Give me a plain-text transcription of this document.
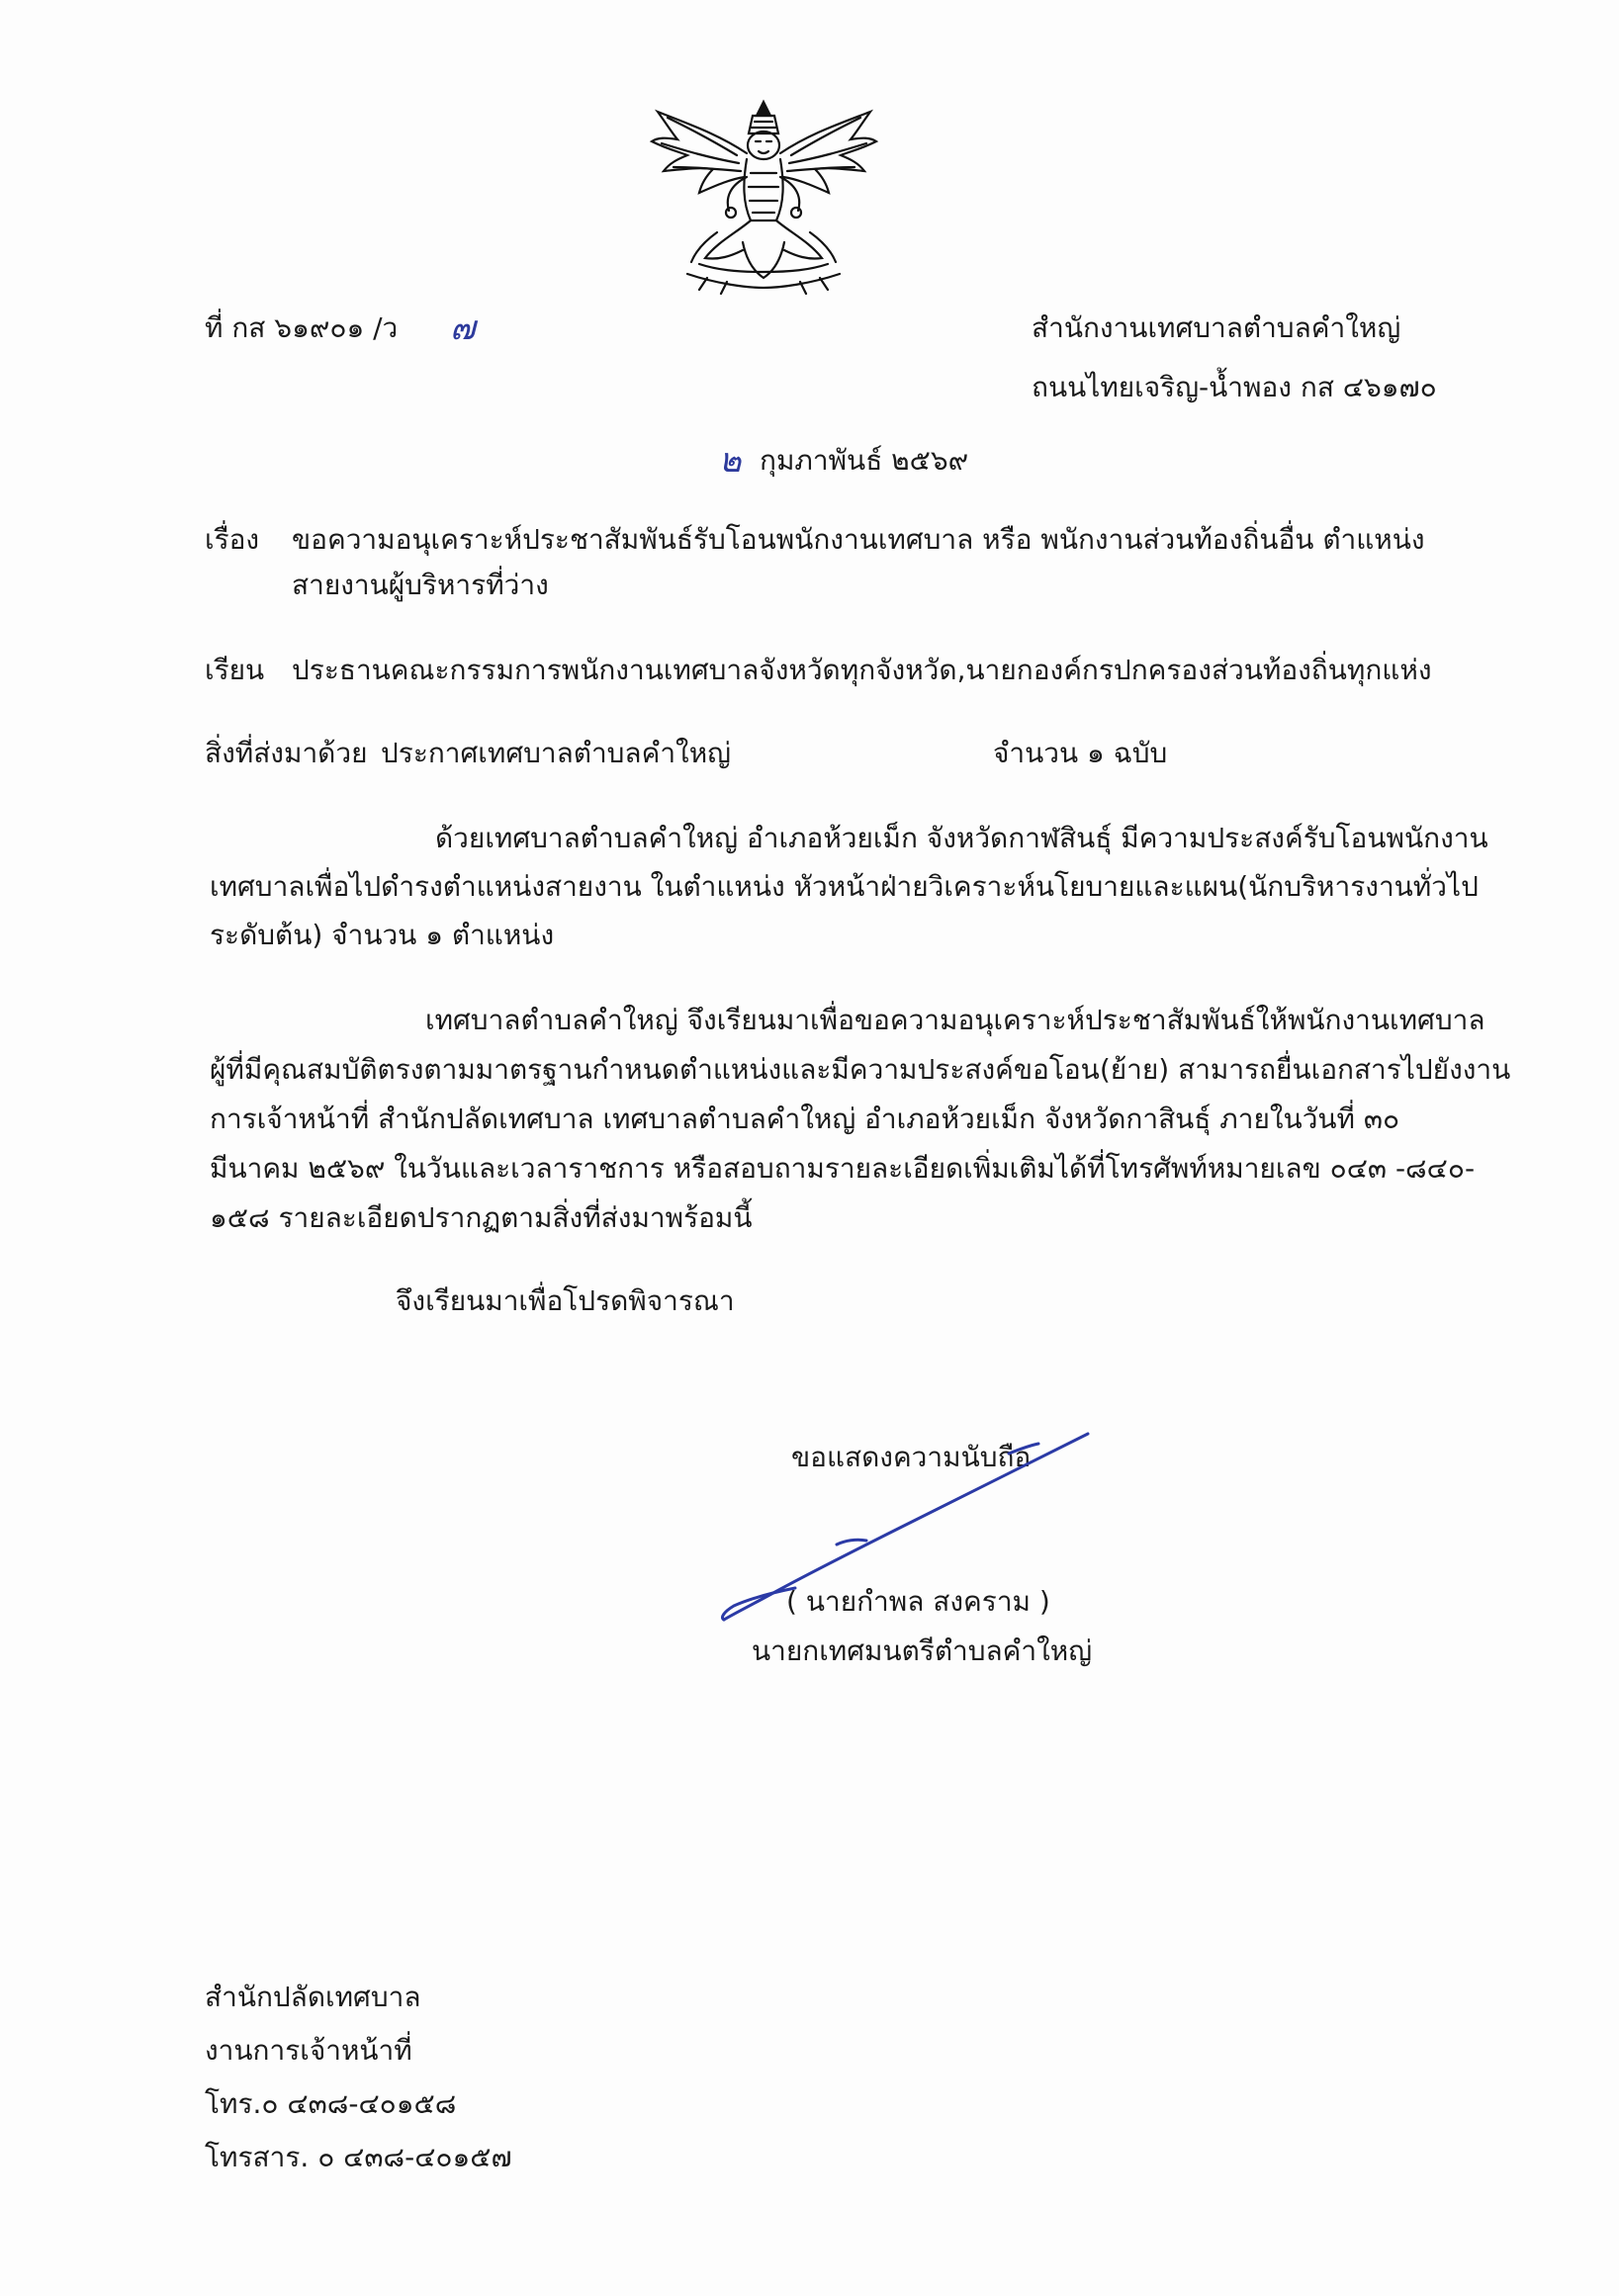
ที่ กส ๖๑๙๐๑ /ว ๗	สำนักงานเทศบาลตำบลคำใหญ่
ถนนไทยเจริญ-น้ำพอง กส ๔๖๑๗๐
๒ กุมภาพันธ์ ๒๕๖๙
เรื่อง ขอความอนุเคราะห์ประชาสัมพันธ์รับโอนพนักงานเทศบาล หรือ พนักงานส่วนท้องถิ่นอื่น ตำแหน่ง
สายงานผู้บริหารที่ว่าง
เรียน ประธานคณะกรรมการพนักงานเทศบาลจังหวัดทุกจังหวัด,นายกองค์กรปกครองส่วนท้องถิ่นทุกแห่ง
สิ่งที่ส่งมาด้วย ประกาศเทศบาลตำบลคำใหญ่	จำนวน ๑ ฉบับ
ด้วยเทศบาลตำบลคำใหญ่ อำเภอห้วยเม็ก จังหวัดกาฬสินธุ์ มีความประสงค์รับโอนพนักงาน
เทศบาลเพื่อไปดำรงตำแหน่งสายงาน ในตำแหน่ง หัวหน้าฝ่ายวิเคราะห์นโยบายและแผน(นักบริหารงานทั่วไป
ระดับต้น) จำนวน ๑ ตำแหน่ง
เทศบาลตำบลคำใหญ่ จึงเรียนมาเพื่อขอความอนุเคราะห์ประชาสัมพันธ์ให้พนักงานเทศบาล
ผู้ที่มีคุณสมบัติตรงตามมาตรฐานกำหนดตำแหน่งและมีความประสงค์ขอโอน(ย้าย) สามารถยื่นเอกสารไปยังงาน
การเจ้าหน้าที่ สำนักปลัดเทศบาล เทศบาลตำบลคำใหญ่ อำเภอห้วยเม็ก จังหวัดกาสินธุ์ ภายในวันที่ ๓๐
มีนาคม ๒๕๖๙ ในวันและเวลาราชการ หรือสอบถามรายละเอียดเพิ่มเติมได้ที่โทรศัพท์หมายเลข ๐๔๓ -๘๔๐-
๑๕๘ รายละเอียดปรากฏตามสิ่งที่ส่งมาพร้อมนี้
จึงเรียนมาเพื่อโปรดพิจารณา
ขอแสดงความนับถือ
( นายกำพล สงคราม )
นายกเทศมนตรีตำบลคำใหญ่
สำนักปลัดเทศบาล
งานการเจ้าหน้าที่
โทร.๐ ๔๓๘-๔๐๑๕๘
โทรสาร. ๐ ๔๓๘-๔๐๑๕๗
